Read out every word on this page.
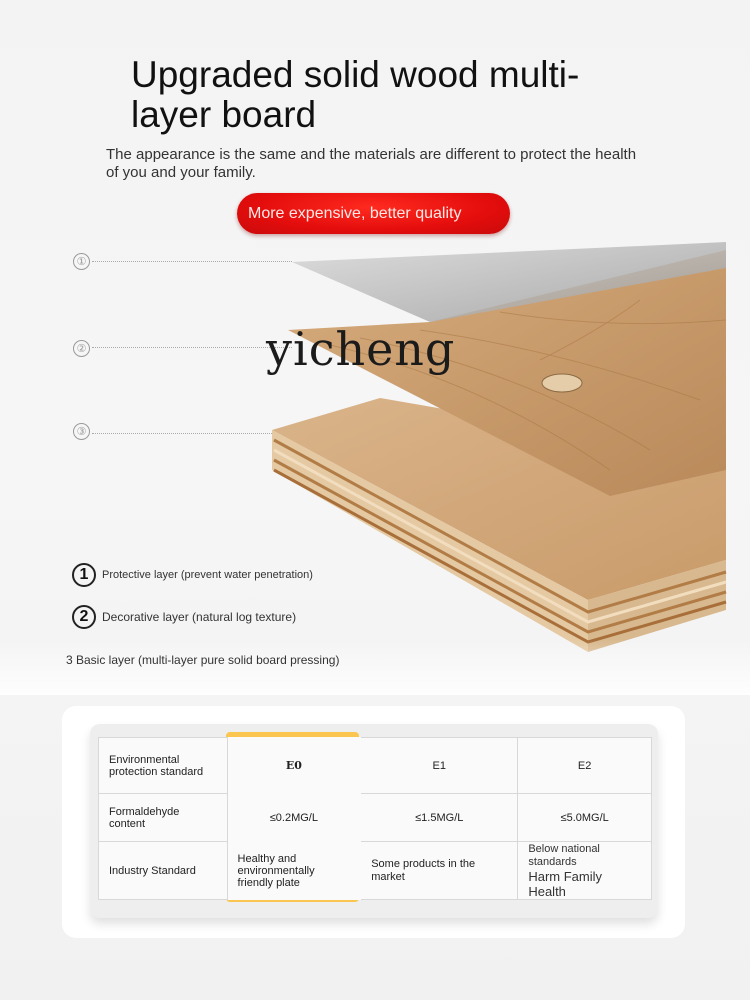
Upgraded solid wood multi-layer board
The appearance is the same and the materials are different to protect the health of you and your family.
More expensive, better quality
①
②
③
yicheng
1	Protective layer (prevent water penetration)
2	Decorative layer (natural log texture)
3 Basic layer (multi-layer pure solid board pressing)
Environmental protection standard	E0	E1	E2
Formaldehyde content	≤0.2MG/L	≤1.5MG/L	≤5.0MG/L
Industry Standard	Healthy and environmentally friendly plate	Some products in the market	Below national standards
Harm Family Health
